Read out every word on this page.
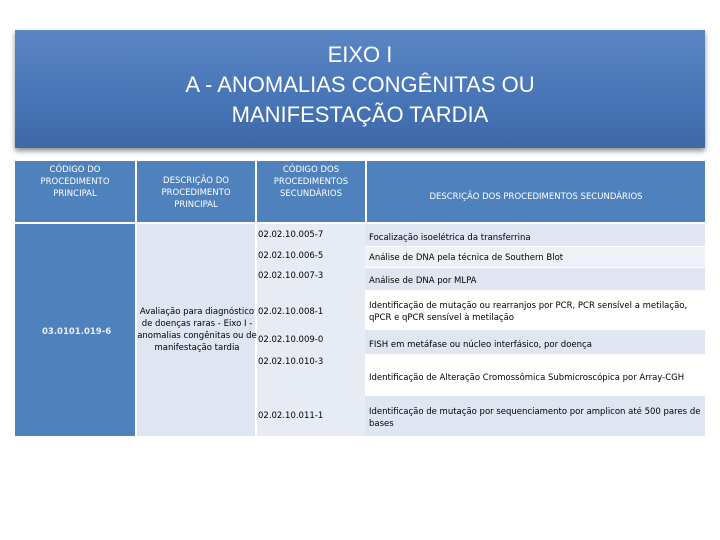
EIXO I
A - ANOMALIAS CONGÊNITAS OU
MANIFESTAÇÃO TARDIA
CÓDIGO DO PROCEDIMENTO PRINCIPAL
DESCRIÇÃO DO PROCEDIMENTO PRINCIPAL
CÓDIGO DOS PROCEDIMENTOS SECUNDÁRIOS	DESCRIÇÃO DOS PROCEDIMENTOS SECUNDÁRIOS
03.0101.019-6
Avaliação para diagnóstico de doenças raras - Eixo I - anomalias congênitas ou de manifestação tardia
02.02.10.005-7
02.02.10.006-5
02.02.10.007-3
02.02.10.008-1
02.02.10.009-0
02.02.10.010-3
02.02.10.011-1
Focalização isoelétrica da transferrina
Análise de DNA pela técnica de Southern Blot
Análise de DNA por MLPA
Identificação de mutação ou rearranjos por PCR, PCR sensível a metilação, qPCR e qPCR sensível à metilação
FISH em metáfase ou núcleo interfásico, por doença
Identificação de Alteração Cromossômica Submicroscópica por Array-CGH
Identificação de mutação por sequenciamento por amplicon até 500 pares de bases
